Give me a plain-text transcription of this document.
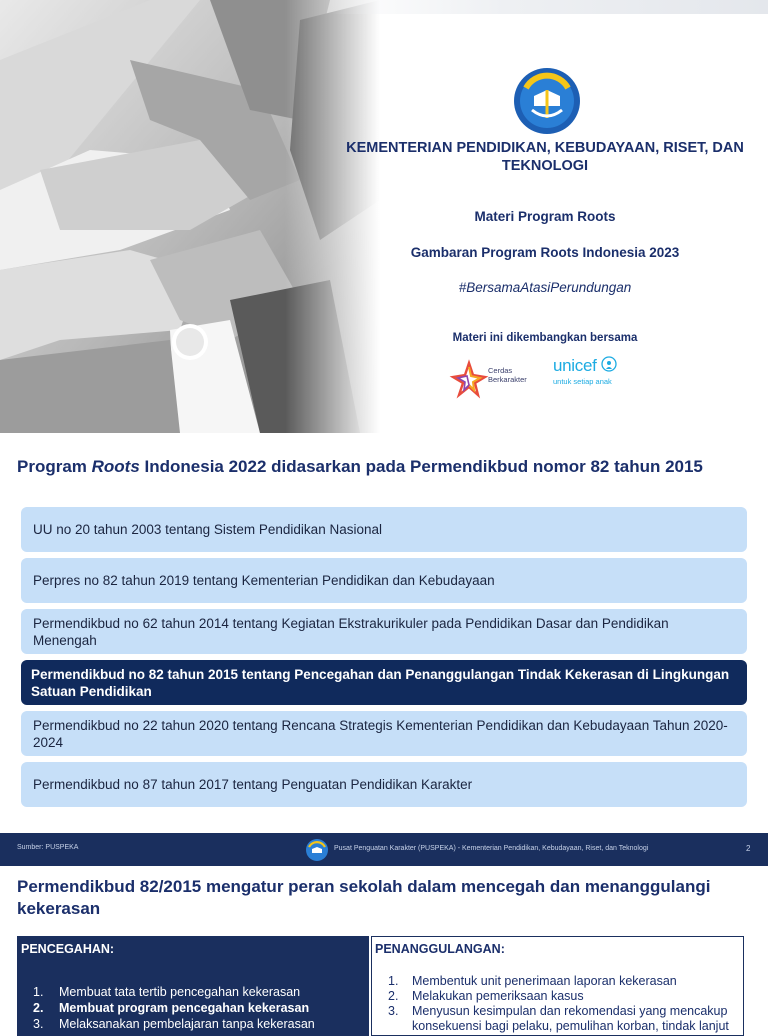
KEMENTERIAN PENDIDIKAN, KEBUDAYAAN, RISET, DAN TEKNOLOGI
Materi Program Roots
Gambaran Program Roots Indonesia 2023
#BersamaAtasiPerundungan
Materi ini dikembangkan bersama
Cerdas Berkarakter
unicef
untuk setiap anak
Program Roots Indonesia 2022 didasarkan pada Permendikbud nomor 82 tahun 2015
UU no 20 tahun 2003 tentang Sistem Pendidikan Nasional
Perpres no 82 tahun 2019 tentang Kementerian Pendidikan dan Kebudayaan
Permendikbud no 62 tahun 2014 tentang Kegiatan Ekstrakurikuler pada Pendidikan Dasar dan Pendidikan Menengah
Permendikbud no 82 tahun 2015 tentang Pencegahan dan Penanggulangan Tindak Kekerasan di Lingkungan Satuan Pendidikan
Permendikbud no 22 tahun 2020 tentang Rencana Strategis Kementerian Pendidikan dan Kebudayaan Tahun 2020-2024
Permendikbud no 87 tahun 2017 tentang Penguatan Pendidikan Karakter
Sumber: PUSPEKA	Pusat Penguatan Karakter (PUSPEKA) - Kementerian Pendidikan, Kebudayaan, Riset, dan Teknologi	2
Permendikbud 82/2015 mengatur peran sekolah dalam mencegah dan menanggulangi kekerasan
PENCEGAHAN:
1. Membuat tata tertib pencegahan kekerasan
2. Membuat program pencegahan kekerasan
3. Melaksanakan pembelajaran tanpa kekerasan
PENANGGULANGAN:
1.	Membentuk unit penerimaan laporan kekerasan
2.	Melakukan pemeriksaan kasus
3.	Menyusun kesimpulan dan rekomendasi yang mencakup konsekuensi bagi pelaku, pemulihan korban, tindak lanjut
